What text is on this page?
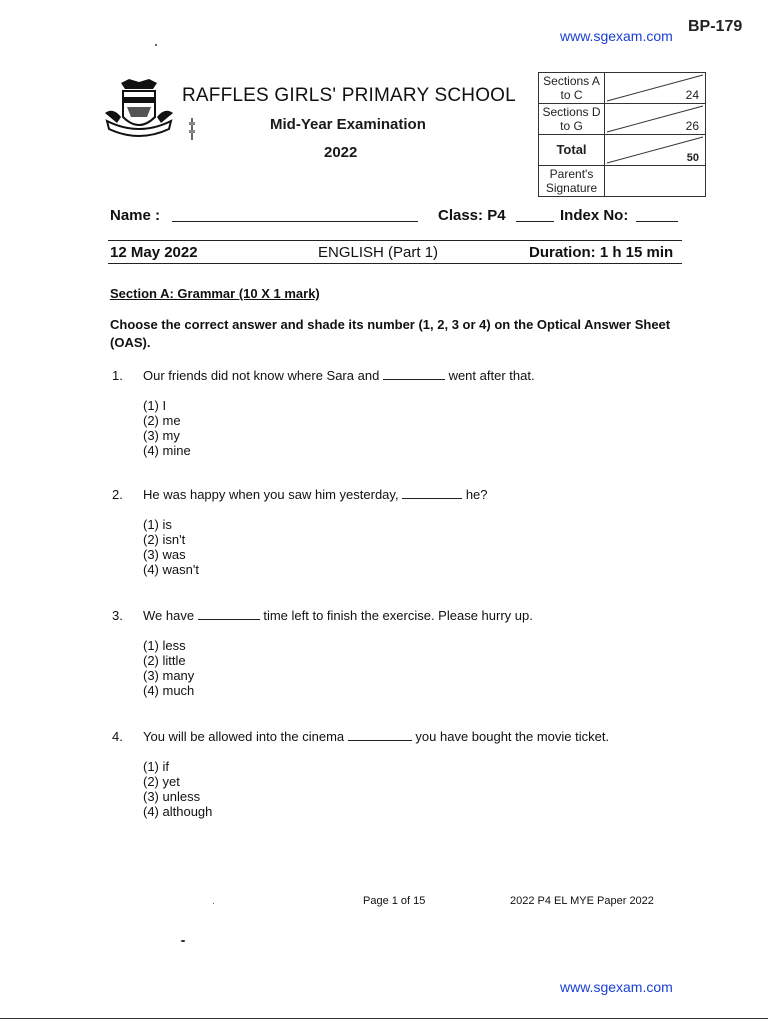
BP-179
www.sgexam.com
RAFFLES GIRLS' PRIMARY SCHOOL
Mid-Year Examination
2022
Sections A to C	24

Sections D to G	26

Total	50

Parent's Signature	
Name :	Class: P4	Index No:
12 May 2022	ENGLISH (Part 1)	Duration: 1 h 15 min
Section A: Grammar (10 X 1 mark)
Choose the correct answer and shade its number (1, 2, 3 or 4) on the Optical Answer Sheet (OAS).
1. Our friends did not know where Sara and	went after that.
(1) I
(2) me
(3) my
(4) mine
2. He was happy when you saw him yesterday,	he?
(1) is
(2) isn't
(3) was
(4) wasn't
3. We have	time left to finish the exercise. Please hurry up.
(1) less
(2) little
(3) many
(4) much
4. You will be allowed into the cinema	you have bought the movie ticket.
(1) if
(2) yet
(3) unless
(4) although
Page 1 of 15	2022 P4 EL MYE Paper 2022
www.sgexam.com
